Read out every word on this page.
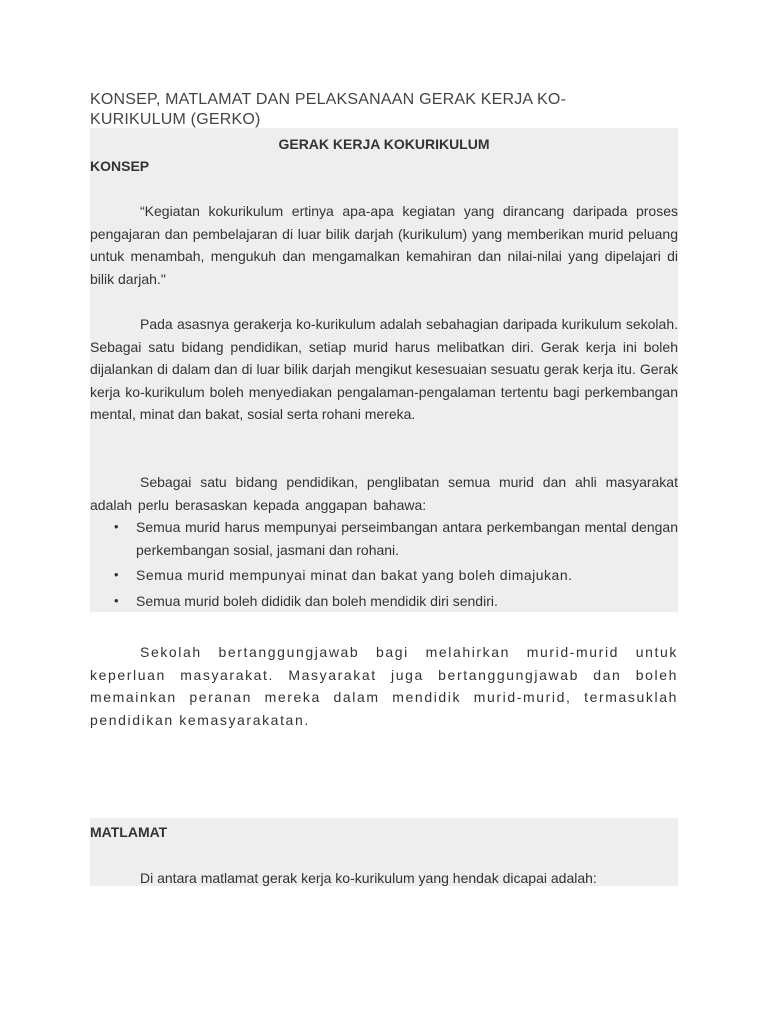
KONSEP, MATLAMAT DAN PELAKSANAAN GERAK KERJA KO-KURIKULUM (GERKO)
GERAK KERJA KOKURIKULUM
KONSEP
“Kegiatan kokurikulum ertinya apa-apa kegiatan yang dirancang daripada proses pengajaran dan pembelajaran di luar bilik darjah (kurikulum) yang memberikan murid peluang untuk menambah, mengukuh dan mengamalkan kemahiran dan nilai-nilai yang dipelajari di bilik darjah."
Pada asasnya gerakerja ko-kurikulum adalah sebahagian daripada kurikulum sekolah. Sebagai satu bidang pendidikan, setiap murid harus melibatkan diri. Gerak kerja ini boleh dijalankan di dalam dan di luar bilik darjah mengikut kesesuaian sesuatu gerak kerja itu. Gerak kerja ko-kurikulum boleh menyediakan pengalaman-pengalaman tertentu bagi perkembangan mental, minat dan bakat, sosial serta rohani mereka.
Sebagai satu bidang pendidikan, penglibatan semua murid dan ahli masyarakat adalah perlu berasaskan kepada anggapan bahawa:
• Semua murid harus mempunyai perseimbangan antara perkembangan mental dengan perkembangan sosial, jasmani dan rohani.
• Semua murid mempunyai minat dan bakat yang boleh dimajukan.
• Semua murid boleh dididik dan boleh mendidik diri sendiri.
Sekolah bertanggungjawab bagi melahirkan murid-murid untuk keperluan masyarakat. Masyarakat juga bertanggungjawab dan boleh memainkan peranan mereka dalam mendidik murid-murid, termasuklah pendidikan kemasyarakatan.
MATLAMAT
Di antara matlamat gerak kerja ko-kurikulum yang hendak dicapai adalah:
